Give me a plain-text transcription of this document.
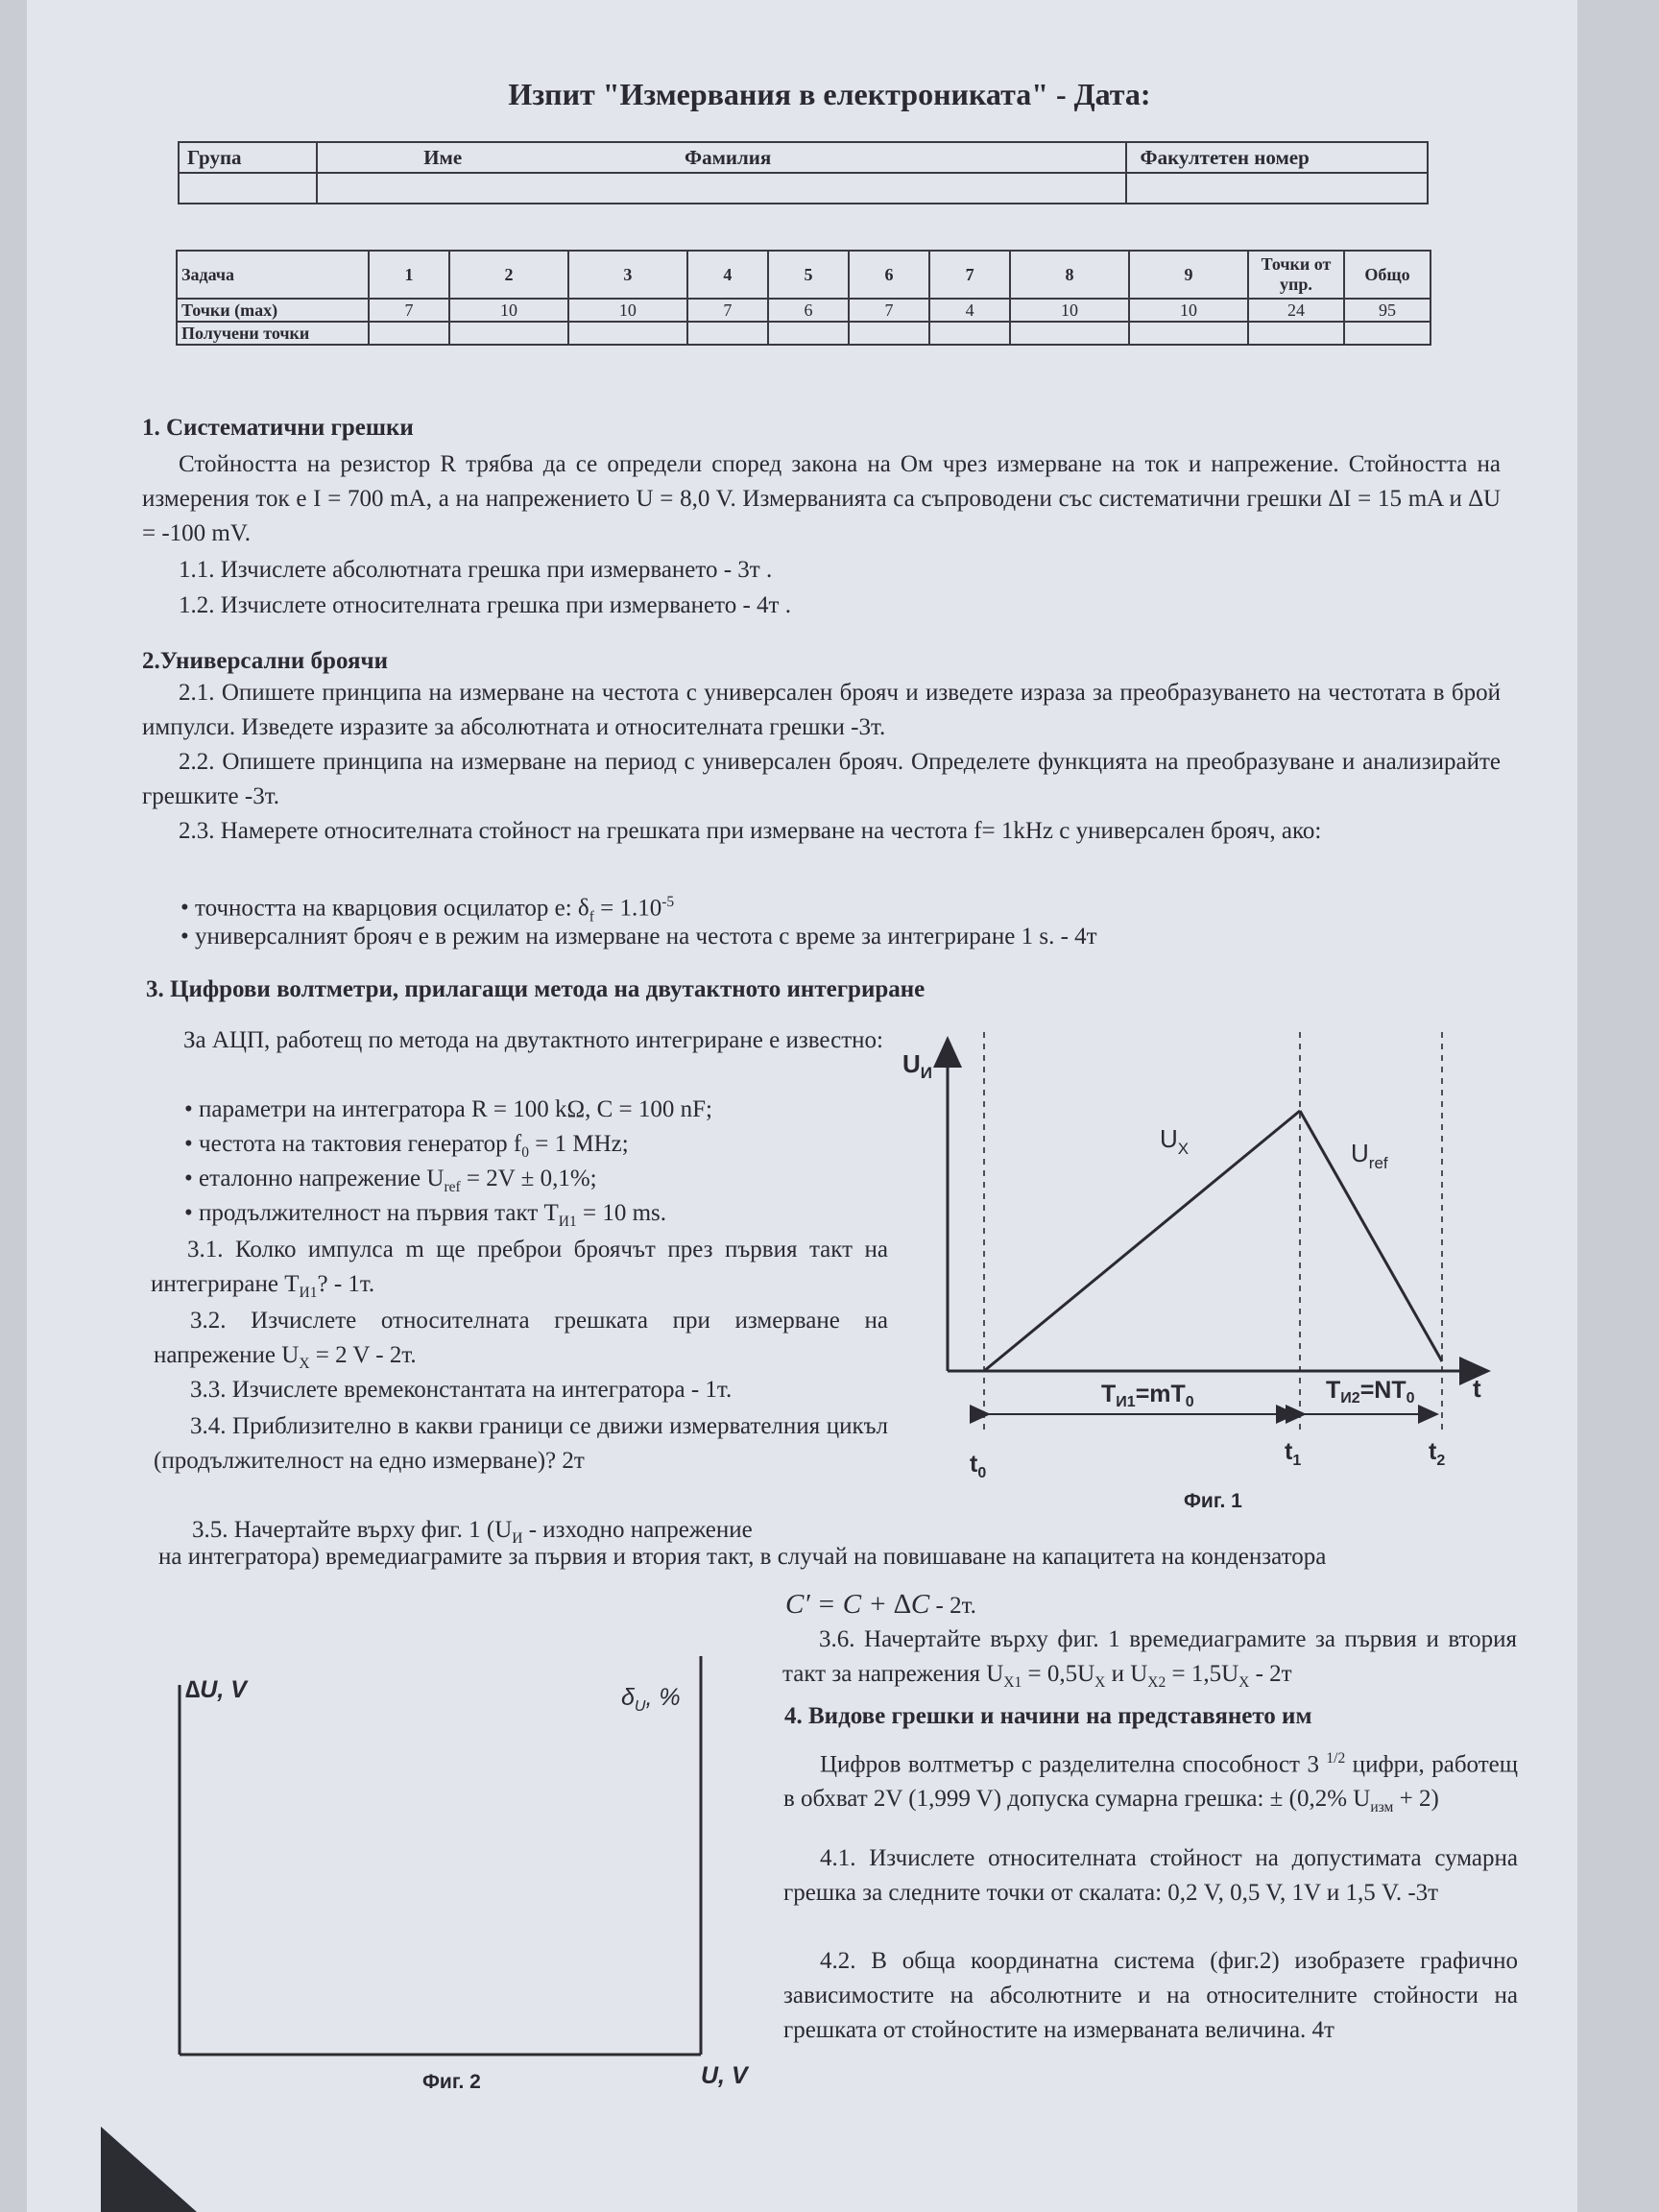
Изпит "Измервания в електрониката" - Дата:
Група	Име	Фамилия	Факултетен номер

Задача	1	2	3	4	5	6	7	8	9	Точки от упр.	Общо
Точки (max)	7	10	10	7	6	7	4	10	10	24	95
Получени точки											
1. Систематични грешки
Стойността на резистор R трябва да се определи според закона на Ом чрез измерване на ток и напрежение. Стойността на измерения ток е I = 700 mA, а на напрежението U = 8,0 V. Измерванията са съпроводени със систематични грешки ∆I = 15 mA и ∆U = -100 mV.
1.1. Изчислете абсолютната грешка при измерването - 3т .
1.2. Изчислете относителната грешка при измерването - 4т .
2.Универсални броячи
2.1. Опишете принципа на измерване на честота с универсален брояч и изведете израза за преобразуването на честотата в брой импулси. Изведете изразите за абсолютната и относителната грешки -3т.
2.2. Опишете принципа на измерване на период с универсален брояч. Определете функцията на преобразуване и анализирайте грешките -3т.
2.3. Намерете относителната стойност на грешката при измерване на честота f= 1kHz с универсален брояч, ако:
• точността на кварцовия осцилатор е: $\delta_f = 1.10^{-5}$
• универсалният брояч е в режим на измерване на честота с време за интегриране 1 s. - 4т
3. Цифрови волтметри, прилагащи метода на двутактното интегриране
За АЦП, работещ по метода на двутактното интегриране е известно:
• параметри на интегратора R = 100 kΩ, C = 100 nF;
• честота на тактовия генератор $f_0 = 1$ MHz;
• еталонно напрежение $U_{ref} = 2V \pm 0,1\%$;
• продължителност на първия такт $T_{И1} = 10$ ms.
3.1. Колко импулса m ще преброи броячът през първия такт на интегриране $T_{И1}$? - 1т.
3.2. Изчислете относителната грешката при измерване на напрежение $U_X = 2$ V - 2т.
3.3. Изчислете времеконстантата на интегратора - 1т.
3.4. Приблизително в какви граници се движи измервателния цикъл (продължителност на едно измерване)? 2т
3.5. Начертайте върху фиг. 1 ($U_И$ - изходно напрежение
на интегратора) времедиаграмите за първия и втория такт, в случай на повишаване на капацитета на кондензатора
C′ = C + ∆C - 2т.
3.6. Начертайте върху фиг. 1 времедиаграмите за първия и втория такт за напрежения $U_{X1} = 0,5U_X$ и $U_{X2} = 1,5U_X - 2т$
4. Видове грешки и начини на представянето им
Цифров волтметър с разделителна способност 3 $^{1/2}$ цифри, работещ в обхват 2V (1,999 V) допуска сумарна грешка: ± (0,2% $U_{изм} + 2$)
4.1. Изчислете относителната стойност на допустимата сумарна грешка за следните точки от скалата: 0,2 V, 0,5 V, 1V и 1,5 V. -3т
4.2. В обща координатна система (фиг.2) изобразете графично зависимостите на абсолютните и на относителните стойности на грешката от стойностите на измерваната величина. 4т
$U_И$
$U_X$	$U_{ref}$
t
$T_{И1}=mT_0$	$T_{И2}=NT_0$
$t_0$
$t_1$	$t_2$
Фиг. 1
∆U, V	$\delta_U$, %
U, V
Фиг. 2
